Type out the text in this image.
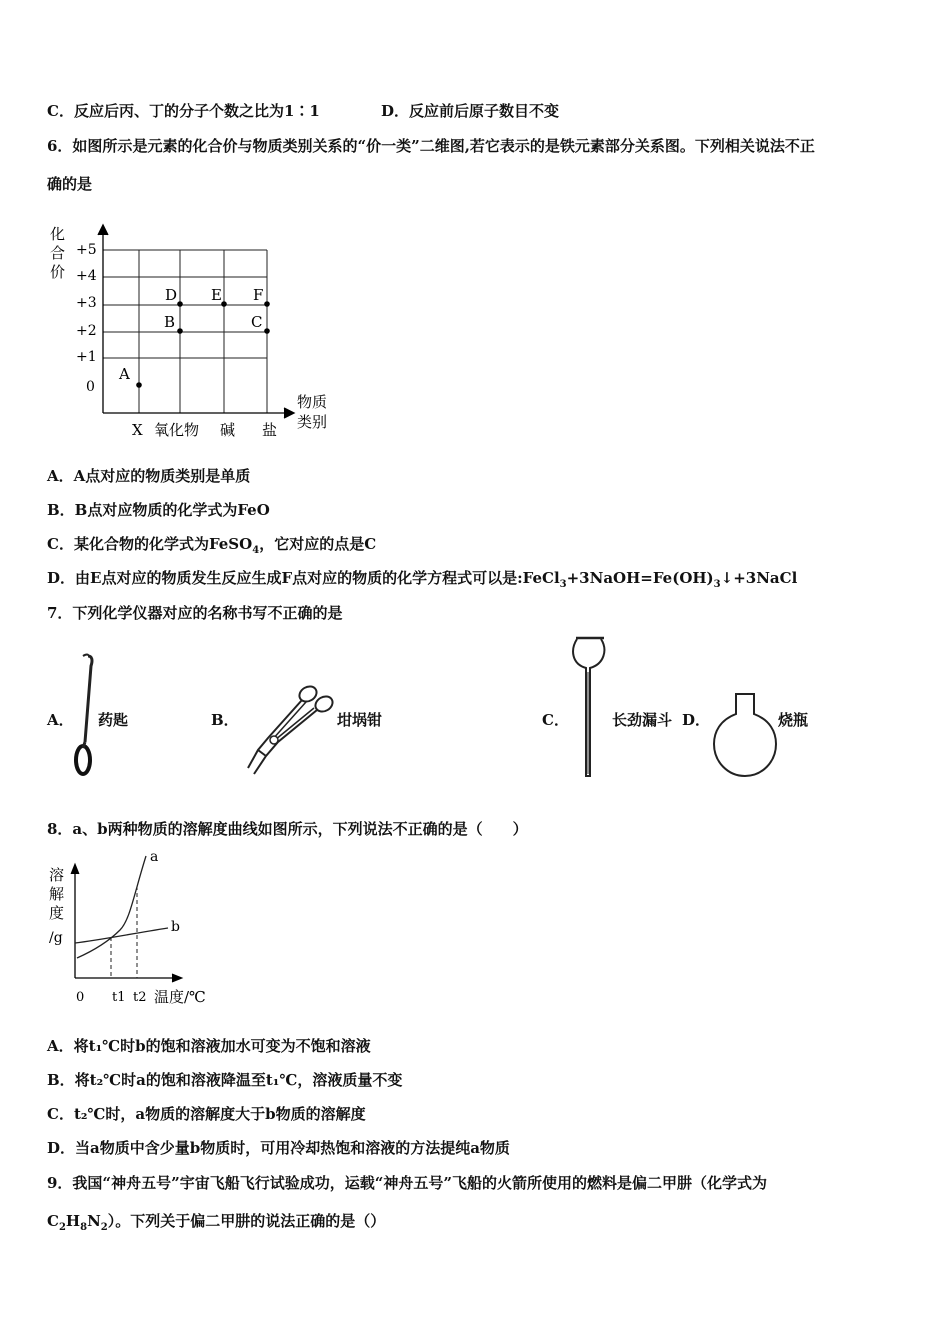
C．反应后丙、丁的分子个数之比为1∶1	D．反应前后原子数目不变
6．如图所示是元素的化合价与物质类别关系的“价一类”二维图,若它表示的是铁元素部分关系图。下列相关说法不正
确的是
化
合
价
+5
+4
+3
+2
+1
0
X 氧化物 碱 盐
物质
类别
A
B
D E F
C
A．A点对应的物质类别是单质
B．B点对应物质的化学式为FeO
C．某化合物的化学式为FeSO$_4$，它对应的点是C
D．由E点对应的物质发生反应生成F点对应的物质的化学方程式可以是$:FeCl_3+3NaOH=Fe(OH)_3↓+3NaCl$
7．下列化学仪器对应的名称书写不正确的是
A． 药匙	B．	坩埚钳	C．	长劲漏斗 D．	烧瓶
8．a、b两种物质的溶解度曲线如图所示，下列说法不正确的是（　　）
a
b
溶
解
度
/g
0 t1 t2 温度/℃
A．将t₁℃时b的饱和溶液加水可变为不饱和溶液
B．将t₂℃时a的饱和溶液降温至t₁℃，溶液质量不变
C．t₂℃时，a物质的溶解度大于b物质的溶解度
D．当a物质中含少量b物质时，可用冷却热饱和溶液的方法提纯a物质
9．我国“神舟五号”宇宙飞船飞行试验成功，运载“神舟五号”飞船的火箭所使用的燃料是偏二甲肼（化学式为
$C_2H_8N_2$）。下列关于偏二甲肼的说法正确的是（）
